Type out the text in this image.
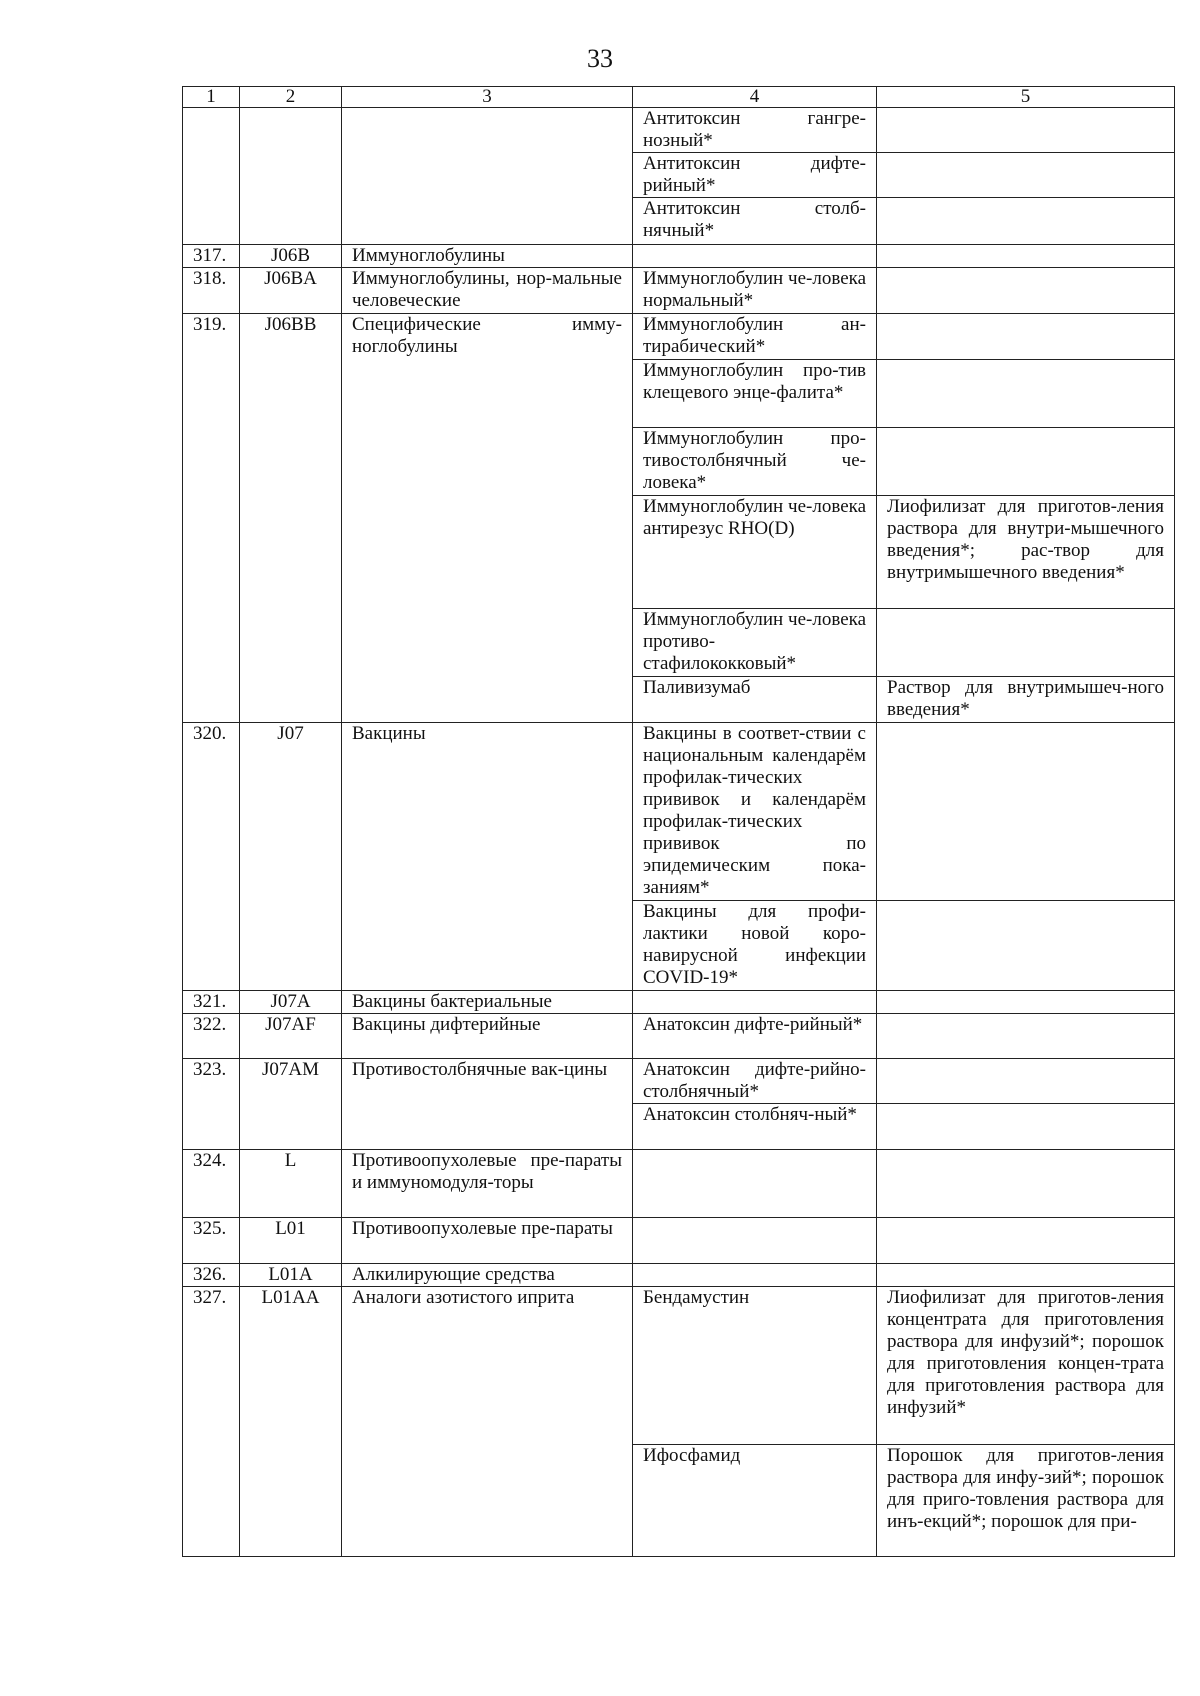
33
1	2	3	4	5
			Антитоксин гангре-нозный*	
			Антитоксин дифте-рийный*	
			Антитоксин столб-нячный*	
317.	J06B	Иммуноглобулины		
318.	J06BA	Иммуноглобулины, нор-мальные человеческие	Иммуноглобулин че-ловека нормальный*	
319.	J06BB	Специфические имму-ноглобулины	Иммуноглобулин ан-тирабический*	
			Иммуноглобулин про-тив клещевого энце-фалита*	
			Иммуноглобулин про-тивостолбнячный че-ловека*	
			Иммуноглобулин че-ловека антирезус RHO(D)	Лиофилизат для приготов-ления раствора для внутри-мышечного введения*; рас-твор для внутримышечного введения*
			Иммуноглобулин че-ловека противо-стафилококковый*	
			Паливизумаб	Раствор для внутримышеч-ного введения*
320.	J07	Вакцины	Вакцины в соответ-ствии с национальным календарём профилак-тических прививок и календарём профилак-тических прививок по эпидемическим пока-заниям*	
			Вакцины для профи-лактики новой коро-навирусной инфекции COVID-19*	
321.	J07A	Вакцины бактериальные		
322.	J07AF	Вакцины дифтерийные	Анатоксин дифте-рийный*	
323.	J07AM	Противостолбнячные вак-цины	Анатоксин дифте-рийно-столбнячный*	
			Анатоксин столбняч-ный*	
324.	L	Противоопухолевые пре-параты и иммуномодуля-торы		
325.	L01	Противоопухолевые пре-параты		
326.	L01A	Алкилирующие средства		
327.	L01AA	Аналоги азотистого иприта	Бендамустин	Лиофилизат для приготов-ления концентрата для приготовления раствора для инфузий*; порошок для приготовления концен-трата для приготовления раствора для инфузий*
			Ифосфамид	Порошок для приготов-ления раствора для инфу-зий*; порошок для приго-товления раствора для инъ-екций*; порошок для при-
